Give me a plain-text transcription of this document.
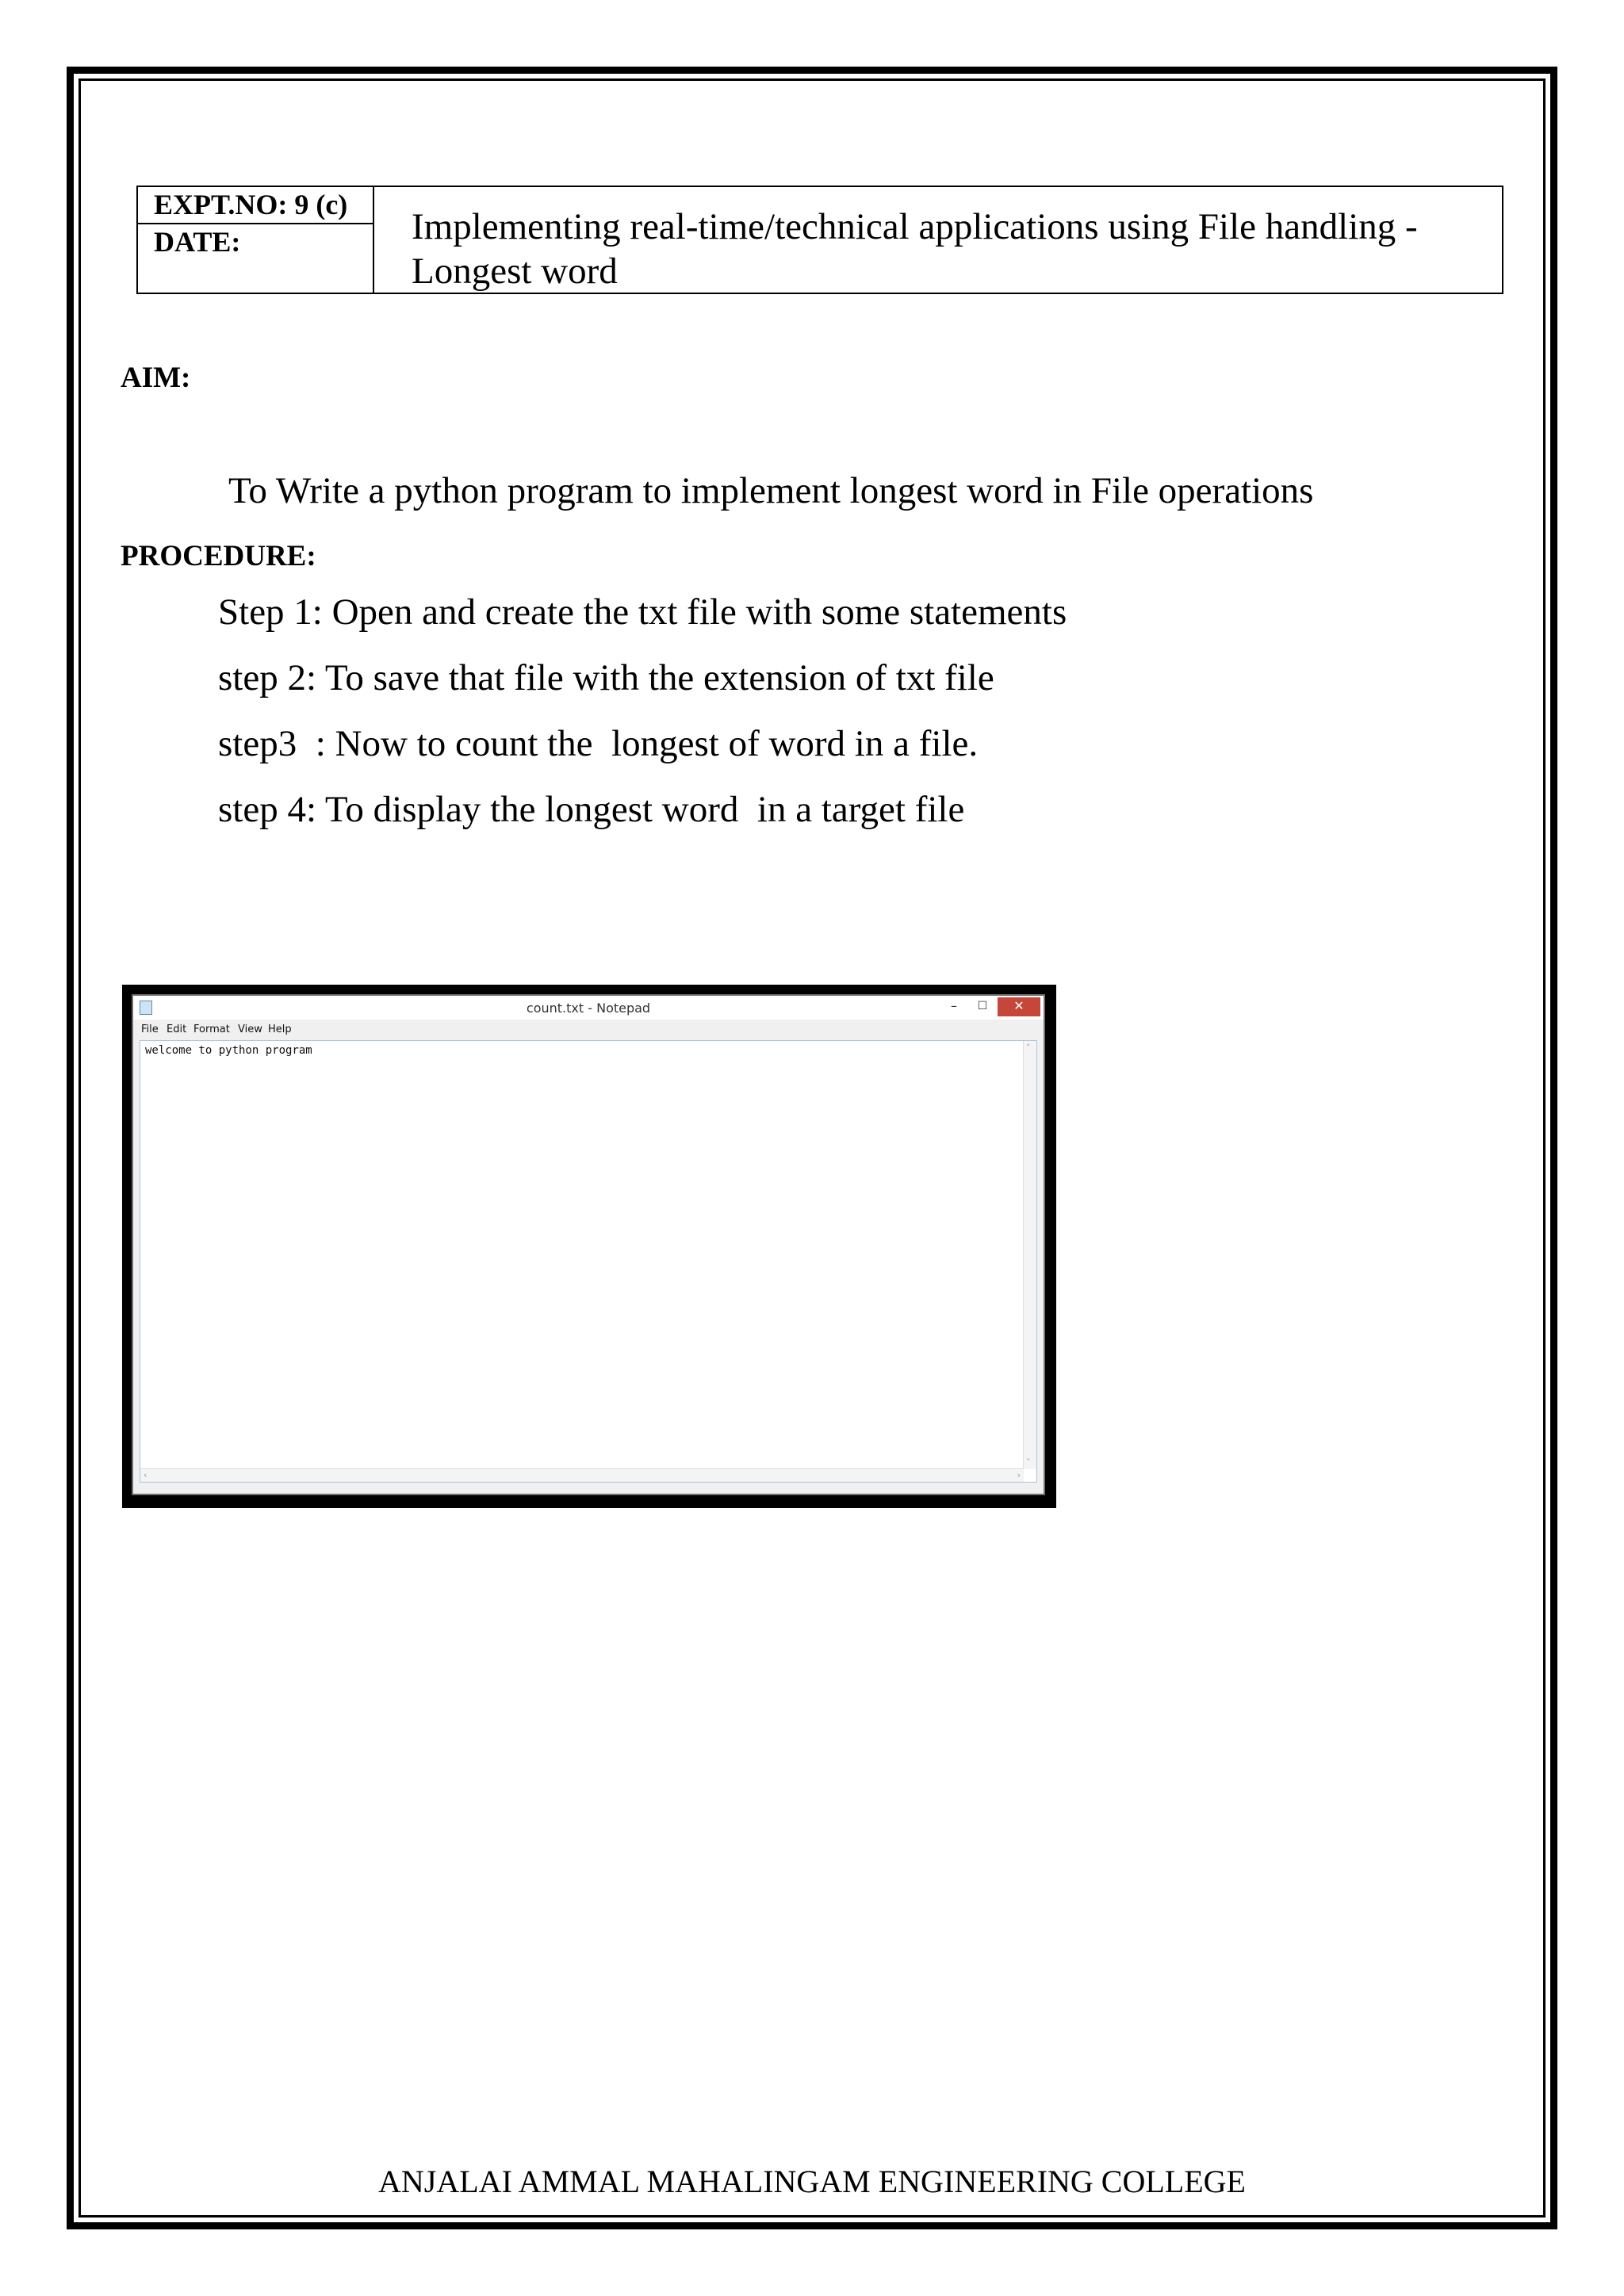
EXPT.NO: 9 (c)
DATE:	Implementing real-time/technical applications using File handling -
Longest word
AIM:
To Write a python program to implement longest word in File operations
PROCEDURE:
Step 1: Open and create the txt file with some statements
step 2: To save that file with the extension of txt file
step3  : Now to count the  longest of word in a file.
step 4: To display the longest word  in a target file
count.txt - Notepad	–	☐	✕
File Edit Format View Help
welcome to python program	˄
˅
‹	›
ANJALAI AMMAL MAHALINGAM ENGINEERING COLLEGE
